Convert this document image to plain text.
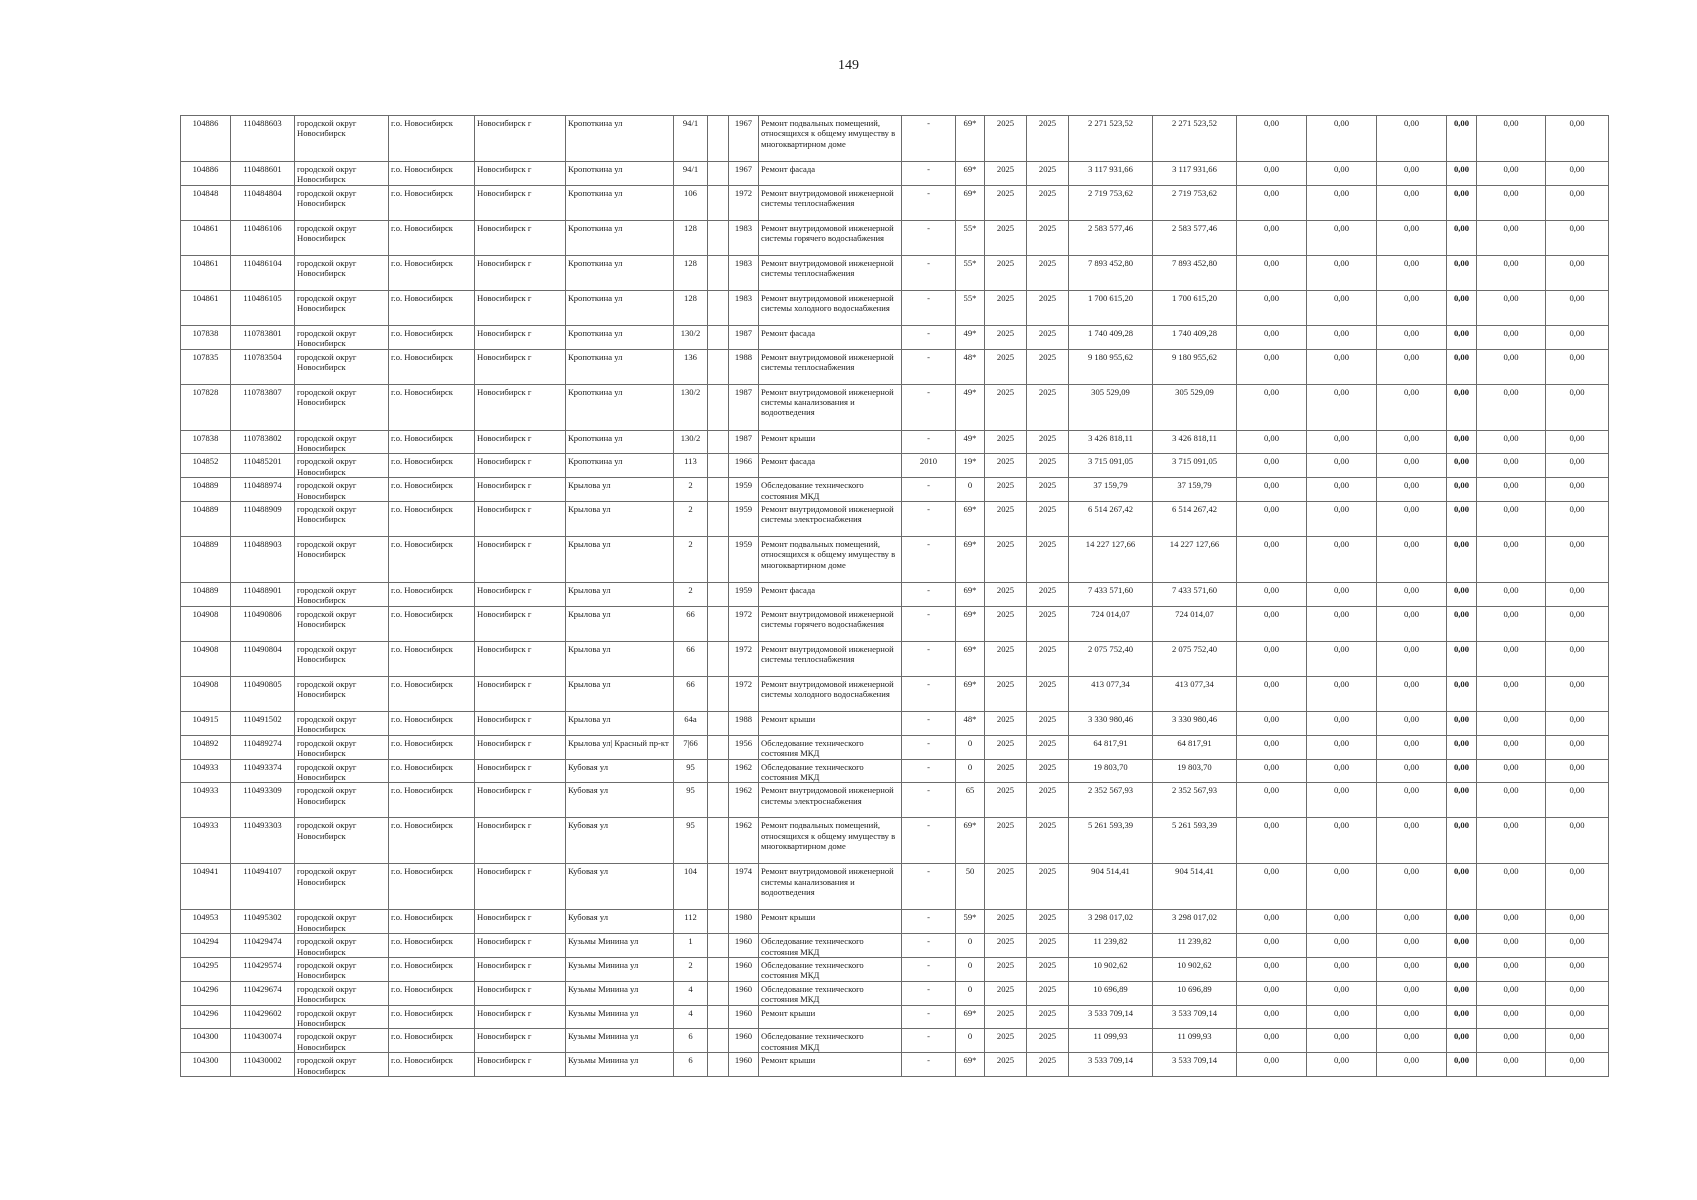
149
104886	110488603	городской округ Новосибирск	г.о. Новосибирск	Новосибирск г	Кропоткина ул	94/1		1967	Ремонт подвальных помещений, относящихся к общему имуществу в многоквартирном доме	-	69*	2025	2025	2 271 523,52	2 271 523,52	0,00	0,00	0,00	0,00	0,00	0,00
104886	110488601	городской округ Новосибирск	г.о. Новосибирск	Новосибирск г	Кропоткина ул	94/1		1967	Ремонт фасада	-	69*	2025	2025	3 117 931,66	3 117 931,66	0,00	0,00	0,00	0,00	0,00	0,00
104848	110484804	городской округ Новосибирск	г.о. Новосибирск	Новосибирск г	Кропоткина ул	106		1972	Ремонт внутридомовой инженерной системы теплоснабжения	-	69*	2025	2025	2 719 753,62	2 719 753,62	0,00	0,00	0,00	0,00	0,00	0,00
104861	110486106	городской округ Новосибирск	г.о. Новосибирск	Новосибирск г	Кропоткина ул	128		1983	Ремонт внутридомовой инженерной системы горячего водоснабжения	-	55*	2025	2025	2 583 577,46	2 583 577,46	0,00	0,00	0,00	0,00	0,00	0,00
104861	110486104	городской округ Новосибирск	г.о. Новосибирск	Новосибирск г	Кропоткина ул	128		1983	Ремонт внутридомовой инженерной системы теплоснабжения	-	55*	2025	2025	7 893 452,80	7 893 452,80	0,00	0,00	0,00	0,00	0,00	0,00
104861	110486105	городской округ Новосибирск	г.о. Новосибирск	Новосибирск г	Кропоткина ул	128		1983	Ремонт внутридомовой инженерной системы холодного водоснабжения	-	55*	2025	2025	1 700 615,20	1 700 615,20	0,00	0,00	0,00	0,00	0,00	0,00
107838	110783801	городской округ Новосибирск	г.о. Новосибирск	Новосибирск г	Кропоткина ул	130/2		1987	Ремонт фасада	-	49*	2025	2025	1 740 409,28	1 740 409,28	0,00	0,00	0,00	0,00	0,00	0,00
107835	110783504	городской округ Новосибирск	г.о. Новосибирск	Новосибирск г	Кропоткина ул	136		1988	Ремонт внутридомовой инженерной системы теплоснабжения	-	48*	2025	2025	9 180 955,62	9 180 955,62	0,00	0,00	0,00	0,00	0,00	0,00
107828	110783807	городской округ Новосибирск	г.о. Новосибирск	Новосибирск г	Кропоткина ул	130/2		1987	Ремонт внутридомовой инженерной системы канализования и водоотведения	-	49*	2025	2025	305 529,09	305 529,09	0,00	0,00	0,00	0,00	0,00	0,00
107838	110783802	городской округ Новосибирск	г.о. Новосибирск	Новосибирск г	Кропоткина ул	130/2		1987	Ремонт крыши	-	49*	2025	2025	3 426 818,11	3 426 818,11	0,00	0,00	0,00	0,00	0,00	0,00
104852	110485201	городской округ Новосибирск	г.о. Новосибирск	Новосибирск г	Кропоткина ул	113		1966	Ремонт фасада	2010	19*	2025	2025	3 715 091,05	3 715 091,05	0,00	0,00	0,00	0,00	0,00	0,00
104889	110488974	городской округ Новосибирск	г.о. Новосибирск	Новосибирск г	Крылова ул	2		1959	Обследование технического состояния МКД	-	0	2025	2025	37 159,79	37 159,79	0,00	0,00	0,00	0,00	0,00	0,00
104889	110488909	городской округ Новосибирск	г.о. Новосибирск	Новосибирск г	Крылова ул	2		1959	Ремонт внутридомовой инженерной системы электроснабжения	-	69*	2025	2025	6 514 267,42	6 514 267,42	0,00	0,00	0,00	0,00	0,00	0,00
104889	110488903	городской округ Новосибирск	г.о. Новосибирск	Новосибирск г	Крылова ул	2		1959	Ремонт подвальных помещений, относящихся к общему имуществу в многоквартирном доме	-	69*	2025	2025	14 227 127,66	14 227 127,66	0,00	0,00	0,00	0,00	0,00	0,00
104889	110488901	городской округ Новосибирск	г.о. Новосибирск	Новосибирск г	Крылова ул	2		1959	Ремонт фасада	-	69*	2025	2025	7 433 571,60	7 433 571,60	0,00	0,00	0,00	0,00	0,00	0,00
104908	110490806	городской округ Новосибирск	г.о. Новосибирск	Новосибирск г	Крылова ул	66		1972	Ремонт внутридомовой инженерной системы горячего водоснабжения	-	69*	2025	2025	724 014,07	724 014,07	0,00	0,00	0,00	0,00	0,00	0,00
104908	110490804	городской округ Новосибирск	г.о. Новосибирск	Новосибирск г	Крылова ул	66		1972	Ремонт внутридомовой инженерной системы теплоснабжения	-	69*	2025	2025	2 075 752,40	2 075 752,40	0,00	0,00	0,00	0,00	0,00	0,00
104908	110490805	городской округ Новосибирск	г.о. Новосибирск	Новосибирск г	Крылова ул	66		1972	Ремонт внутридомовой инженерной системы холодного водоснабжения	-	69*	2025	2025	413 077,34	413 077,34	0,00	0,00	0,00	0,00	0,00	0,00
104915	110491502	городской округ Новосибирск	г.о. Новосибирск	Новосибирск г	Крылова ул	64а		1988	Ремонт крыши	-	48*	2025	2025	3 330 980,46	3 330 980,46	0,00	0,00	0,00	0,00	0,00	0,00
104892	110489274	городской округ Новосибирск	г.о. Новосибирск	Новосибирск г	Крылова ул| Красный пр-кт	7|66		1956	Обследование технического состояния МКД	-	0	2025	2025	64 817,91	64 817,91	0,00	0,00	0,00	0,00	0,00	0,00
104933	110493374	городской округ Новосибирск	г.о. Новосибирск	Новосибирск г	Кубовая ул	95		1962	Обследование технического состояния МКД	-	0	2025	2025	19 803,70	19 803,70	0,00	0,00	0,00	0,00	0,00	0,00
104933	110493309	городской округ Новосибирск	г.о. Новосибирск	Новосибирск г	Кубовая ул	95		1962	Ремонт внутридомовой инженерной системы электроснабжения	-	65	2025	2025	2 352 567,93	2 352 567,93	0,00	0,00	0,00	0,00	0,00	0,00
104933	110493303	городской округ Новосибирск	г.о. Новосибирск	Новосибирск г	Кубовая ул	95		1962	Ремонт подвальных помещений, относящихся к общему имуществу в многоквартирном доме	-	69*	2025	2025	5 261 593,39	5 261 593,39	0,00	0,00	0,00	0,00	0,00	0,00
104941	110494107	городской округ Новосибирск	г.о. Новосибирск	Новосибирск г	Кубовая ул	104		1974	Ремонт внутридомовой инженерной системы канализования и водоотведения	-	50	2025	2025	904 514,41	904 514,41	0,00	0,00	0,00	0,00	0,00	0,00
104953	110495302	городской округ Новосибирск	г.о. Новосибирск	Новосибирск г	Кубовая ул	112		1980	Ремонт крыши	-	59*	2025	2025	3 298 017,02	3 298 017,02	0,00	0,00	0,00	0,00	0,00	0,00
104294	110429474	городской округ Новосибирск	г.о. Новосибирск	Новосибирск г	Кузьмы Минина ул	1		1960	Обследование технического состояния МКД	-	0	2025	2025	11 239,82	11 239,82	0,00	0,00	0,00	0,00	0,00	0,00
104295	110429574	городской округ Новосибирск	г.о. Новосибирск	Новосибирск г	Кузьмы Минина ул	2		1960	Обследование технического состояния МКД	-	0	2025	2025	10 902,62	10 902,62	0,00	0,00	0,00	0,00	0,00	0,00
104296	110429674	городской округ Новосибирск	г.о. Новосибирск	Новосибирск г	Кузьмы Минина ул	4		1960	Обследование технического состояния МКД	-	0	2025	2025	10 696,89	10 696,89	0,00	0,00	0,00	0,00	0,00	0,00
104296	110429602	городской округ Новосибирск	г.о. Новосибирск	Новосибирск г	Кузьмы Минина ул	4		1960	Ремонт крыши	-	69*	2025	2025	3 533 709,14	3 533 709,14	0,00	0,00	0,00	0,00	0,00	0,00
104300	110430074	городской округ Новосибирск	г.о. Новосибирск	Новосибирск г	Кузьмы Минина ул	6		1960	Обследование технического состояния МКД	-	0	2025	2025	11 099,93	11 099,93	0,00	0,00	0,00	0,00	0,00	0,00
104300	110430002	городской округ Новосибирск	г.о. Новосибирск	Новосибирск г	Кузьмы Минина ул	6		1960	Ремонт крыши	-	69*	2025	2025	3 533 709,14	3 533 709,14	0,00	0,00	0,00	0,00	0,00	0,00
